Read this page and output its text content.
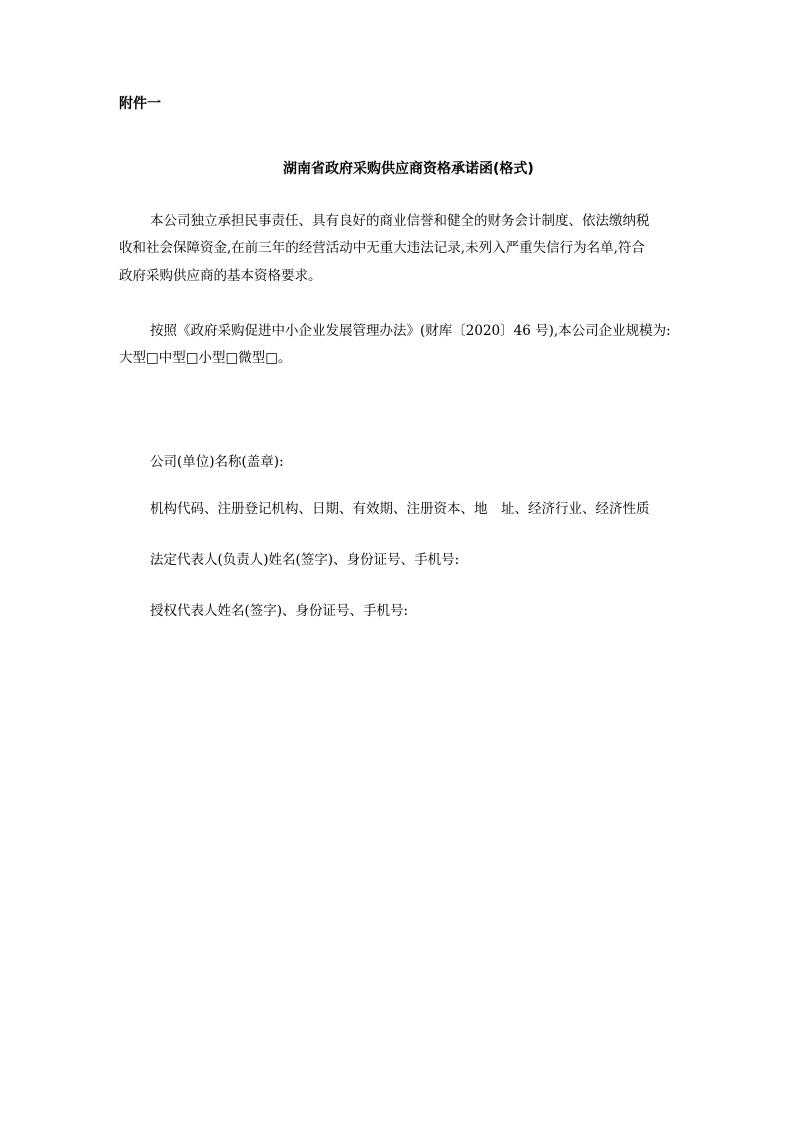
附件一
湖南省政府采购供应商资格承诺函(格式)
本公司独立承担民事责任、具有良好的商业信誉和健全的财务会计制度、依法缴纳税
收和社会保障资金,在前三年的经营活动中无重大违法记录,未列入严重失信行为名单,符合
政府采购供应商的基本资格要求。
按照《政府采购促进中小企业发展管理办法》(财库〔2020〕46 号),本公司企业规模为:
大型□中型□小型□微型□。
公司(单位)名称(盖章):
机构代码、注册登记机构、日期、有效期、注册资本、地　址、经济行业、经济性质
法定代表人(负责人)姓名(签字)、身份证号、手机号:
授权代表人姓名(签字)、身份证号、手机号:
